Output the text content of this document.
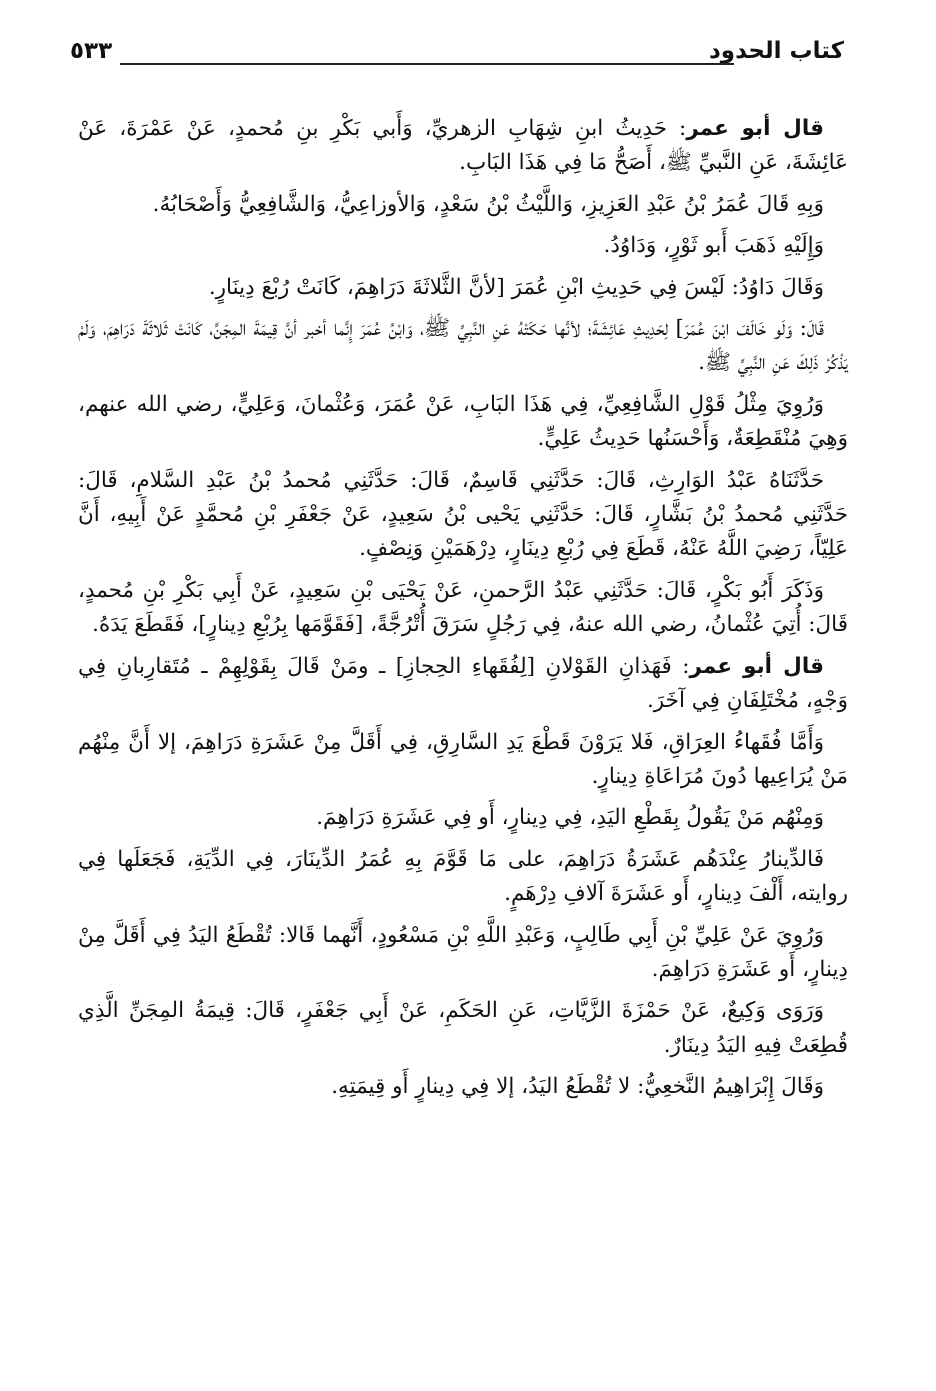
كتاب الحدود
٥٣٣

قال أبو عمر: حَدِيثُ ابنِ شِهَابِ الزهريِّ، وَأَبي بَكْرِ بنِ مُحمدٍ، عَنْ عَمْرَةَ، عَنْ عَائِشَةَ، عَنِ النَّبيِّ ﷺ، أَصَحُّ مَا فِي هَذَا البَابِ.

وَبِهِ قَالَ عُمَرُ بْنُ عَبْدِ العَزِيزِ، وَاللَّيْثُ بْنُ سَعْدٍ، وَالأوزاعِيُّ، وَالشَّافِعِيُّ وَأَصْحَابُهُ.

وَإِلَيْهِ ذَهَبَ أَبو ثَوْرٍ، وَدَاوُدُ.

وَقَالَ دَاوُدُ: لَيْسَ فِي حَدِيثِ ابْنِ عُمَرَ [لأنَّ الثَّلاثَةَ دَرَاهِمَ، كَانَتْ رُبْعَ دِينَارٍ.

قَالَ: وَلَو خَالَفَ ابْنَ عُمَرَ] لِحَدِيثِ عَائِشَةَ؛ لأنَّها حَكَتْهُ عَنِ النَّبِيِّ ﷺ، وَابْنُ عُمَرَ إِنَّما أخبر أنَّ قِيمَةَ المِجَنِّ، كَانَتْ ثَلاثَةَ دَرَاهِمَ، وَلَمْ يَذْكُرْ ذَلِكَ عَنِ النَّبِيِّ ﷺ.

وَرُوِيَ مِثْلُ قَوْلِ الشَّافِعِيِّ، فِي هَذَا البَابِ، عَنْ عُمَرَ، وَعُثْمانَ، وَعَلِيٍّ، رضي الله عنهم، وَهِيَ مُنْقَطِعَةٌ، وَأَحْسَنُها حَدِيثُ عَلِيٍّ.

حَدَّثَنَاهُ عَبْدُ الوَارِثِ، قَالَ: حَدَّثَنِي قَاسِمٌ، قَالَ: حَدَّثَنِي مُحمدُ بْنُ عَبْدِ السَّلامِ، قَالَ: حَدَّثَنِي مُحمدُ بْنُ بَشَّارٍ، قَالَ: حَدَّثَنِي يَحْيى بْنُ سَعِيدٍ، عَنْ جَعْفَرِ بْنِ مُحمَّدٍ عَنْ أَبِيهِ، أَنَّ عَلِيّاً، رَضِيَ اللَّهُ عَنْهُ، قَطَعَ فِي رُبْعِ دِينَارٍ، دِرْهَمَيْنِ وَنِصْفٍ.

وَذَكَرَ أَبُو بَكْرٍ، قَالَ: حَدَّثَنِي عَبْدُ الرَّحمنِ، عَنْ يَحْيَى بْنِ سَعِيدٍ، عَنْ أَبِي بَكْرِ بْنِ مُحمدٍ، قَالَ: أُتِيَ عُثْمانُ، رضي الله عنهُ، فِي رَجُلٍ سَرَقَ أُتْرُجَّةً، [فَقَوَّمَها بِرُبْعِ دِينارٍ]، فَقَطَعَ يَدَهُ.

قال أبو عمر: فَهَذانِ القَوْلانِ [لِفُقَهاءِ الحِجازِ] ـ ومَنْ قَالَ بِقَوْلِهِمْ ـ مُتَقارِبانِ فِي وَجْهٍ، مُخْتَلِفَانِ فِي آخَرَ.

وَأَمَّا فُقَهاءُ العِرَاقِ، فَلا يَرَوْنَ قَطْعَ يَدِ السَّارِقِ، فِي أَقَلَّ مِنْ عَشَرَةِ دَرَاهِمَ، إلا أَنَّ مِنْهُم مَنْ يُرَاعِيها دُونَ مُرَاعَاةِ دِينارٍ.

وَمِنْهُم مَنْ يَقُولُ بِقَطْعِ اليَدِ، فِي دِينارٍ، أَو فِي عَشَرَةِ دَرَاهِمَ.

فَالدِّينارُ عِنْدَهُم عَشَرَةُ دَرَاهِمَ، على مَا قَوَّمَ بِهِ عُمَرُ الدِّينَارَ، فِي الدِّيَةِ، فَجَعَلَها فِي روايته، أَلْفَ دِينارٍ، أَو عَشَرَةَ آلافِ دِرْهَمٍ.

وَرُوِيَ عَنْ عَلِيِّ بْنِ أَبِي طَالِبٍ، وَعَبْدِ اللَّهِ بْنِ مَسْعُودٍ، أَنَّهما قَالا: تُقْطَعُ اليَدُ فِي أَقَلَّ مِنْ دِينارٍ، أَو عَشَرَةِ دَرَاهِمَ.

وَرَوَى وَكِيعٌ، عَنْ حَمْزَةَ الزَّيَّاتِ، عَنِ الحَكَمِ، عَنْ أَبِي جَعْفَرٍ، قَالَ: قِيمَةُ المِجَنِّ الَّذِي قُطِعَتْ فِيهِ اليَدُ دِينَارٌ.

وَقَالَ إِبْرَاهِيمُ النَّخعِيُّ: لا تُقْطَعُ اليَدُ، إلا فِي دِينارٍ أَو قِيمَتِهِ.
